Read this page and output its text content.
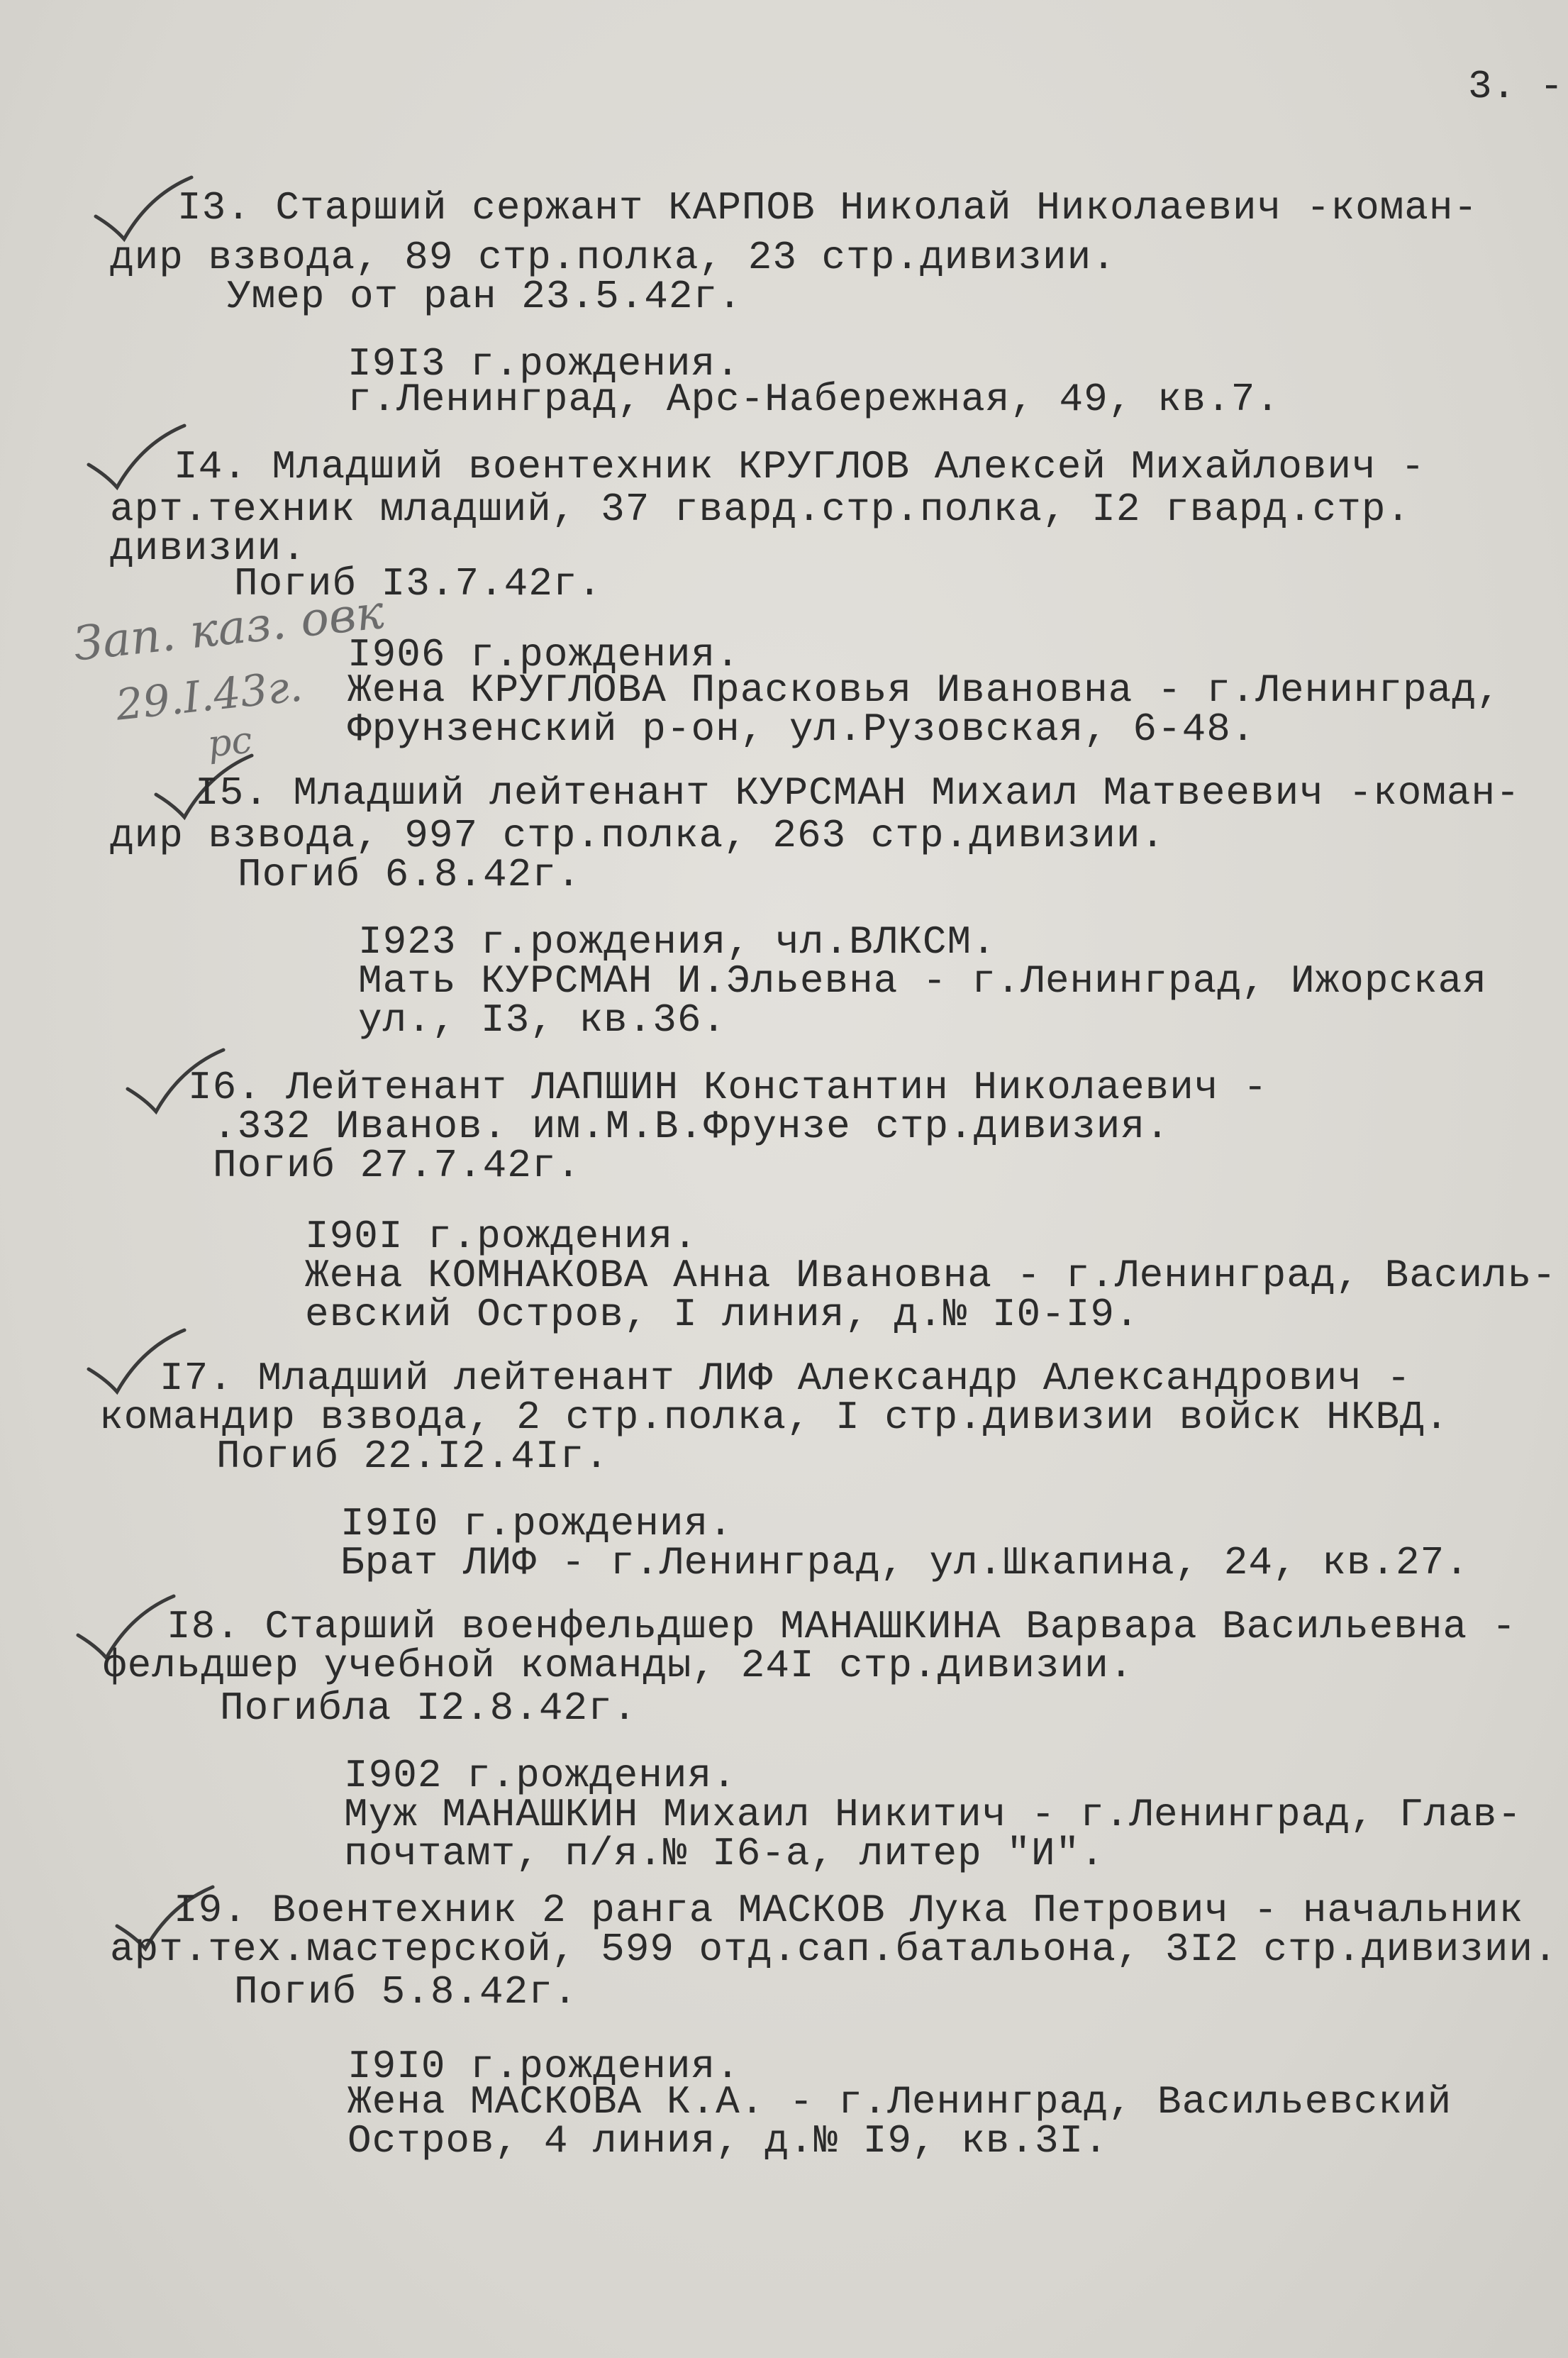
3. -
I3. Старший сержант КАРПОВ Николай Николаевич -коман-
дир взвода, 89 стр.полка, 23 стр.дивизии.
Умер от ран 23.5.42г.
I9I3 г.рождения.
г.Ленинград, Арс-Набережная, 49, кв.7.
I4. Младший воентехник КРУГЛОВ Алексей Михайлович -
арт.техник младший, 37 гвард.стр.полка, I2 гвард.стр.
дивизии.
Погиб I3.7.42г.
I906 г.рождения.
Жена КРУГЛОВА Прасковья Ивановна - г.Ленинград,
Фрунзенский р-он, ул.Рузовская, 6-48.
Зап. каз. овк
29.I.43г.
рс
I5. Младший лейтенант КУРСМАН Михаил Матвеевич -коман-
дир взвода, 997 стр.полка, 263 стр.дивизии.
Погиб 6.8.42г.
I923 г.рождения, чл.ВЛКСМ.
Мать КУРСМАН И.Эльевна - г.Ленинград, Ижорская
ул., I3, кв.36.
I6. Лейтенант ЛАПШИН Константин Николаевич -
.332 Иванов. им.М.В.Фрунзе стр.дивизия.
Погиб 27.7.42г.
I90I г.рождения.
Жена КОМНАКОВА Анна Ивановна - г.Ленинград, Василь-
евский Остров, I линия, д.№ I0-I9.
I7. Младший лейтенант ЛИФ Александр Александрович -
командир взвода, 2 стр.полка, I стр.дивизии войск НКВД.
Погиб 22.I2.4Iг.
I9I0 г.рождения.
Брат ЛИФ - г.Ленинград, ул.Шкапина, 24, кв.27.
I8. Старший военфельдшер МАНАШКИНА Варвара Васильевна -
фельдшер учебной команды, 24I стр.дивизии.
Погибла I2.8.42г.
I902 г.рождения.
Муж МАНАШКИН Михаил Никитич - г.Ленинград, Глав-
почтамт, п/я.№ I6-а, литер "И".
I9. Воентехник 2 ранга МАСКОВ Лука Петрович - начальник
арт.тех.мастерской, 599 отд.сап.батальона, 3I2 стр.дивизии.
Погиб 5.8.42г.
I9I0 г.рождения.
Жена МАСКОВА К.А. - г.Ленинград, Васильевский
Остров, 4 линия, д.№ I9, кв.3I.
